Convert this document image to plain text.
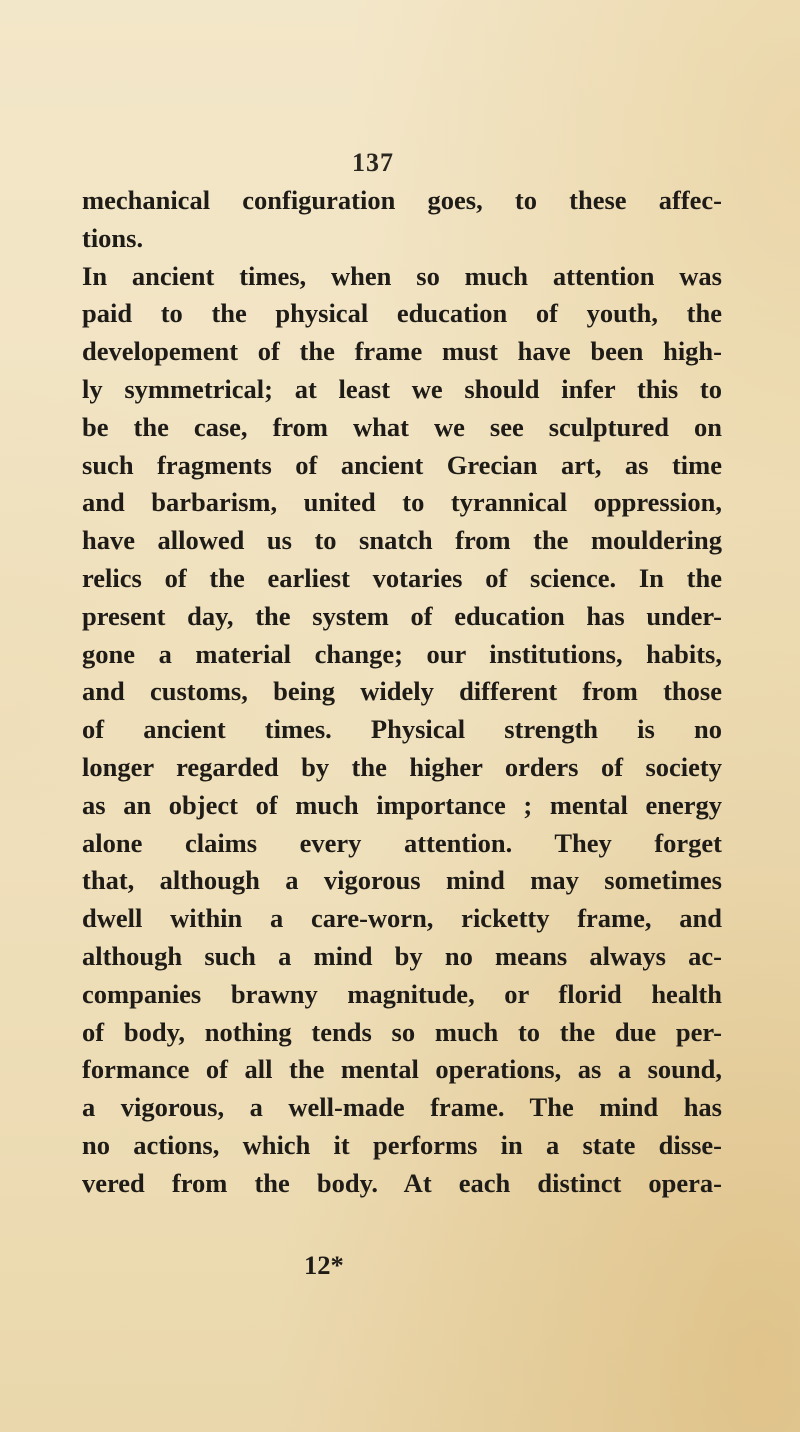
137

mechanical configuration goes, to these affec-
tions.
In ancient times, when so much attention was
paid to the physical education of youth, the
developement of the frame must have been high-
ly symmetrical; at least we should infer this to
be the case, from what we see sculptured on
such fragments of ancient Grecian art, as time
and barbarism, united to tyrannical oppression,
have allowed us to snatch from the mouldering
relics of the earliest votaries of science. In the
present day, the system of education has under-
gone a material change; our institutions, habits,
and customs, being widely different from those
of ancient times. Physical strength is no
longer regarded by the higher orders of society
as an object of much importance ; mental energy
alone claims every attention. They forget
that, although a vigorous mind may sometimes
dwell within a care-worn, ricketty frame, and
although such a mind by no means always ac-
companies brawny magnitude, or florid health
of body, nothing tends so much to the due per-
formance of all the mental operations, as a sound,
a vigorous, a well-made frame. The mind has
no actions, which it performs in a state disse-
vered from the body. At each distinct opera-

12*
